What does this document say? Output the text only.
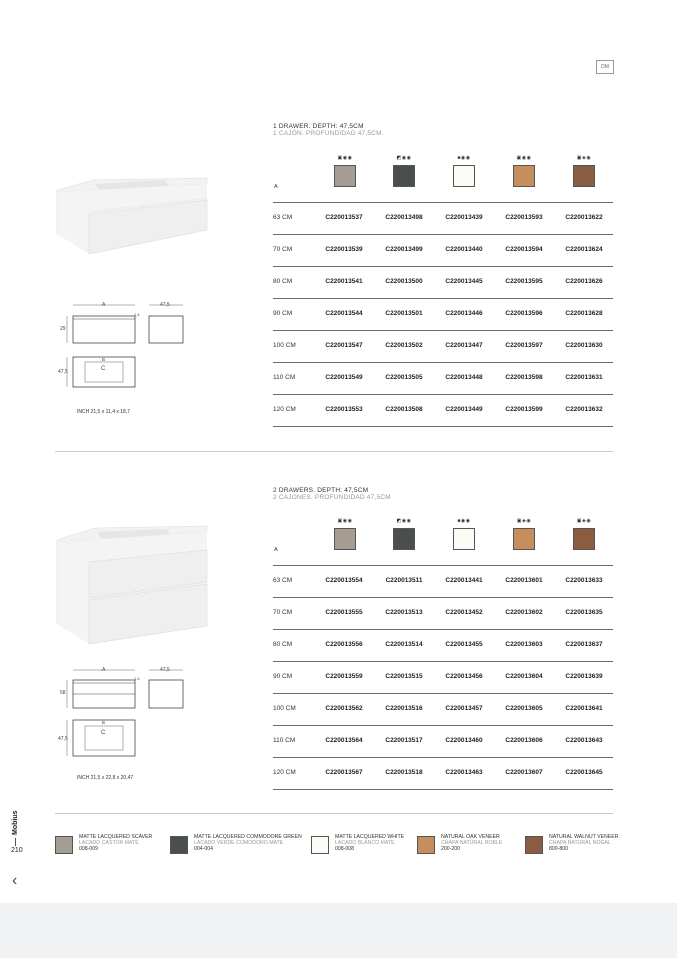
DM
1 DRAWER. DEPTH: 47,5CM
1 CAJÓN. PROFUNDIDAD 47,5CM.
A	47,5
1,4
29
B
C
47,5
INCH 21,5 x 11,4 x 18,7
A
▣◉◉	◩◉◉	■◉◉	▣◉◉	▣◈◉
63 CM	C220013537	C220013498	C220013439	C220013593	C220013622
70 CM	C220013539	C220013499	C220013440	C220013594	C220013624
80 CM	C220013541	C220013500	C220013445	C220013595	C220013626
90 CM	C220013544	C220013501	C220013446	C220013596	C220013628
100 CM	C220013547	C220013502	C220013447	C220013597	C220013630
110 CM	C220013549	C220013505	C220013448	C220013598	C220013631
120 CM	C220013553	C220013508	C220013449	C220013599	C220013632
2 DRAWERS. DEPTH: 47,5CM
2 CAJONES. PROFUNDIDAD 47,5CM
A	47,5
1,4
58
B
C
47,5
INCH 21,5 x 22,8 x 20,47
A
▣◉◉	◩◉◉	■◉◉	▣◈◉	▣◈◉
63 CM	C220013554	C220013511	C220013441	C220013601	C220013633
70 CM	C220013555	C220013513	C220013452	C220013602	C220013635
80 CM	C220013556	C220013514	C220013455	C220013603	C220013637
90 CM	C220013559	C220013515	C220013456	C220013604	C220013639
100 CM	C220013562	C220013516	C220013457	C220013605	C220013641
110 CM	C220013564	C220013517	C220013460	C220013606	C220013643
120 CM	C220013567	C220013518	C220013463	C220013607	C220013645
MATTE LACQUERED SCAVER
LACADO CASTOR MATE
008-009
MATTE LACQUERED COMMODORE GREEN
LACADO VERDE COMODORO MATE
004-004
MATTE LACQUERED WHITE
LACADO BLANCO MATE
008-008
NATURAL OAK VENEER
CHAPA NATURAL ROBLE
200-200
NATURAL WALNUT VENEER
CHAPA NATURAL NOGAL
800-800
Mobius
210
‹
